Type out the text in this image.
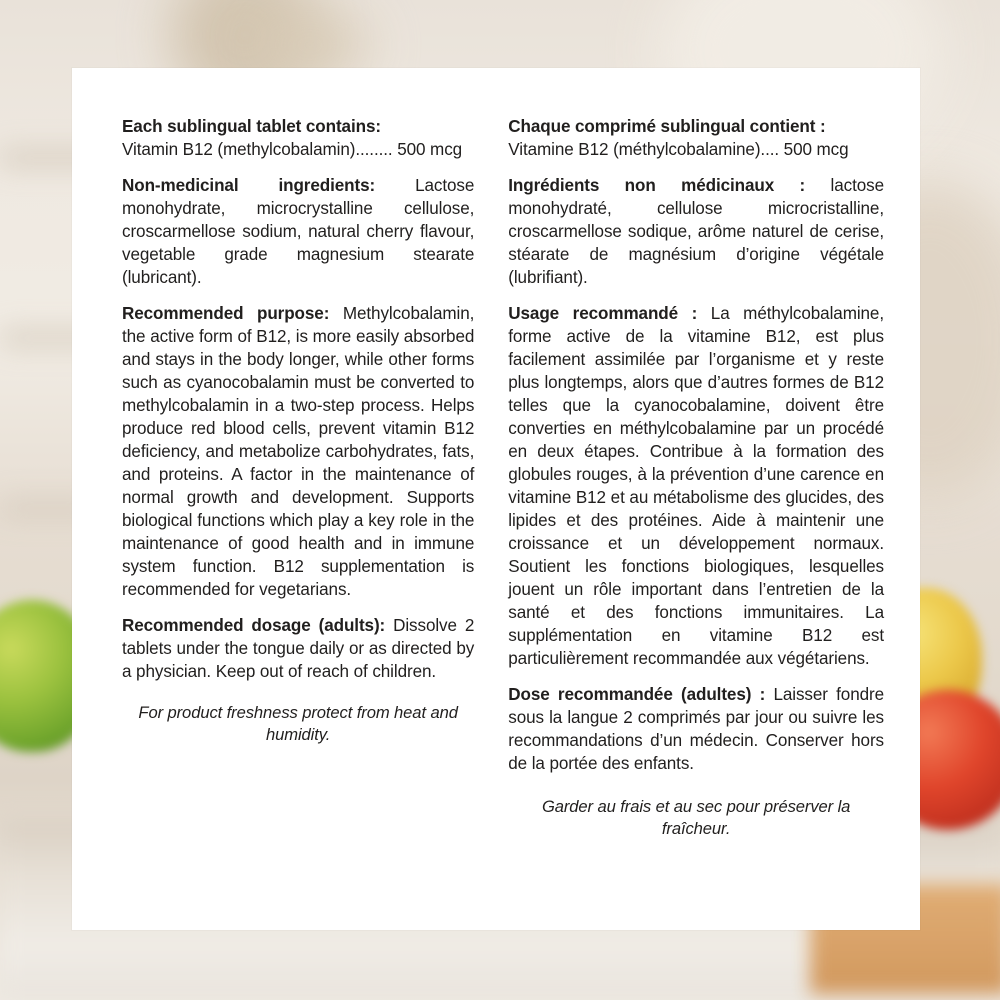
Each sublingual tablet contains:

Vitamin B12 (methylcobalamin)........ 500 mcg

Non-medicinal ingredients: Lactose monohydrate, microcrystalline cellulose, croscarmellose sodium, natural cherry flavour, vegetable grade magnesium stearate (lubricant).

Recommended purpose: Methylcobalamin, the active form of B12, is more easily absorbed and stays in the body longer, while other forms such as cyanocobalamin must be converted to methylcobalamin in a two-step process. Helps produce red blood cells, prevent vitamin B12 deficiency, and metabolize carbohydrates, fats, and proteins. A factor in the maintenance of normal growth and development. Supports biological functions which play a key role in the maintenance of good health and in immune system function. B12 supplementation is recommended for vegetarians.

Recommended dosage (adults): Dissolve 2 tablets under the tongue daily or as directed by a physician. Keep out of reach of children.

For product freshness protect from heat and humidity.

Chaque comprimé sublingual contient :

Vitamine B12 (méthylcobalamine).... 500 mcg

Ingrédients non médicinaux : lactose monohydraté, cellulose microcristalline, croscarmellose sodique, arôme naturel de cerise, stéarate de magnésium d’origine végétale (lubrifiant).

Usage recommandé : La méthylcobalamine, forme active de la vitamine B12, est plus facilement assimilée par l’organisme et y reste plus longtemps, alors que d’autres formes de B12 telles que la cyanocobalamine, doivent être converties en méthylcobalamine par un procédé en deux étapes. Contribue à la formation des globules rouges, à la prévention d’une carence en vitamine B12 et au métabolisme des glucides, des lipides et des protéines. Aide à maintenir une croissance et un développement normaux. Soutient les fonctions biologiques, lesquelles jouent un rôle important dans l’entretien de la santé et des fonctions immunitaires. La supplémentation en vitamine B12 est particulièrement recommandée aux végétariens.

Dose recommandée (adultes) : Laisser fondre sous la langue 2 comprimés par jour ou suivre les recommandations d’un médecin. Conserver hors de la portée des enfants.

Garder au frais et au sec pour préserver la fraîcheur.
